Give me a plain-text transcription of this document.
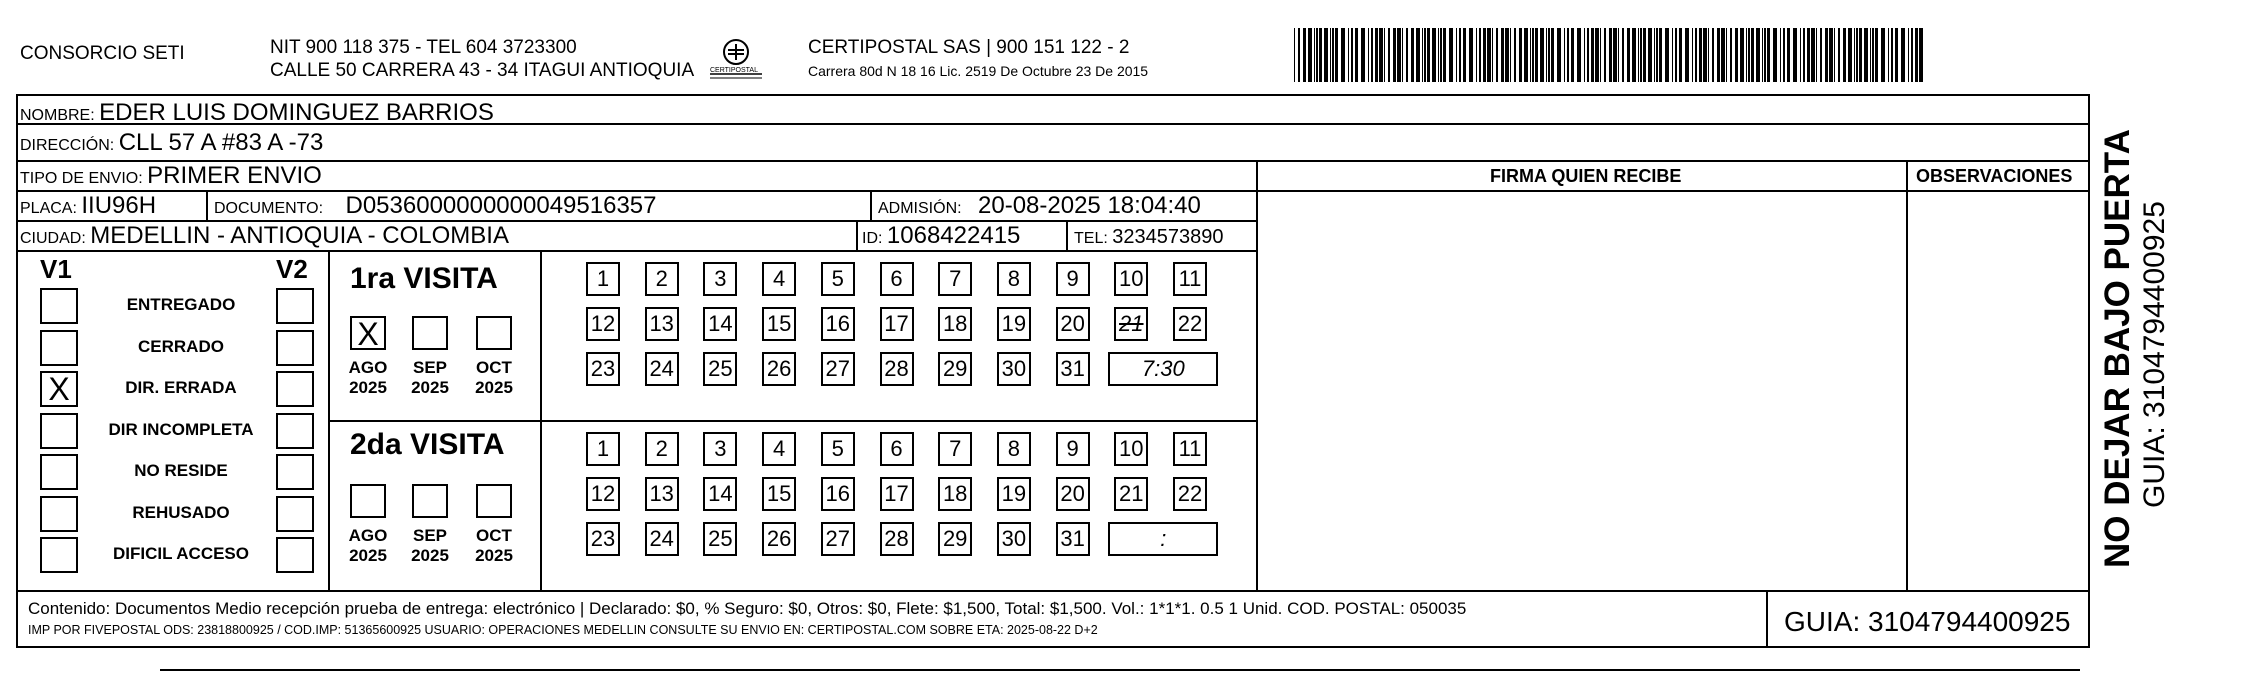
CONSORCIO SETI	NIT 900 118 375 - TEL 604 3723300
CALLE 50 CARRERA 43 - 34 ITAGUI ANTIOQUIA CERTIPOSTAL
CERTIPOSTAL SAS | 900 151 122 - 2
Carrera 80d N 18 16 Lic. 2519 De Octubre 23 De 2015
NOMBRE: EDER LUIS DOMINGUEZ BARRIOS
DIRECCIÓN: CLL 57 A #83 A -73
TIPO DE ENVIO: PRIMER ENVIO	FIRMA QUIEN RECIBE	OBSERVACIONES
PLACA: IIU96H	DOCUMENTO: D0536000000000049516357	ADMISIÓN: 20-08-2025 18:04:40
CIUDAD: MEDELLIN - ANTIOQUIA - COLOMBIA	ID: 1068422415	TEL: 3234573890
V1	V2
ENTREGADO
CERRADO
X	DIR. ERRADA
DIR INCOMPLETA
NO RESIDE
REHUSADO
DIFICIL ACCESO
1ra VISITA
X
AGO
2025
SEP
2025
OCT
2025
1	2	3	4	5	6	7	8	9	10 11
12 13 14 15 16 17 18 19 20 21 22
23 24 25 26 27 28 29 30 31	7:30
2da VISITA
AGO
2025
SEP
2025
OCT
2025
1	2	3	4	5	6	7	8	9	10 11
12 13 14 15 16 17 18 19 20 21 22
23 24 25 26 27 28 29 30 31	:
Contenido: Documentos Medio recepción prueba de entrega: electrónico | Declarado: $0, % Seguro: $0, Otros: $0, Flete: $1,500, Total: $1,500. Vol.: 1*1*1. 0.5 1 Unid. COD. POSTAL: 050035
IMP POR FIVEPOSTAL ODS: 23818800925 / COD.IMP: 51365600925 USUARIO: OPERACIONES MEDELLIN CONSULTE SU ENVIO EN: CERTIPOSTAL.COM SOBRE ETA: 2025-08-22 D+2	GUIA: 3104794400925
NO DEJAR BAJO PUERTA GUIA: 3104794400925
